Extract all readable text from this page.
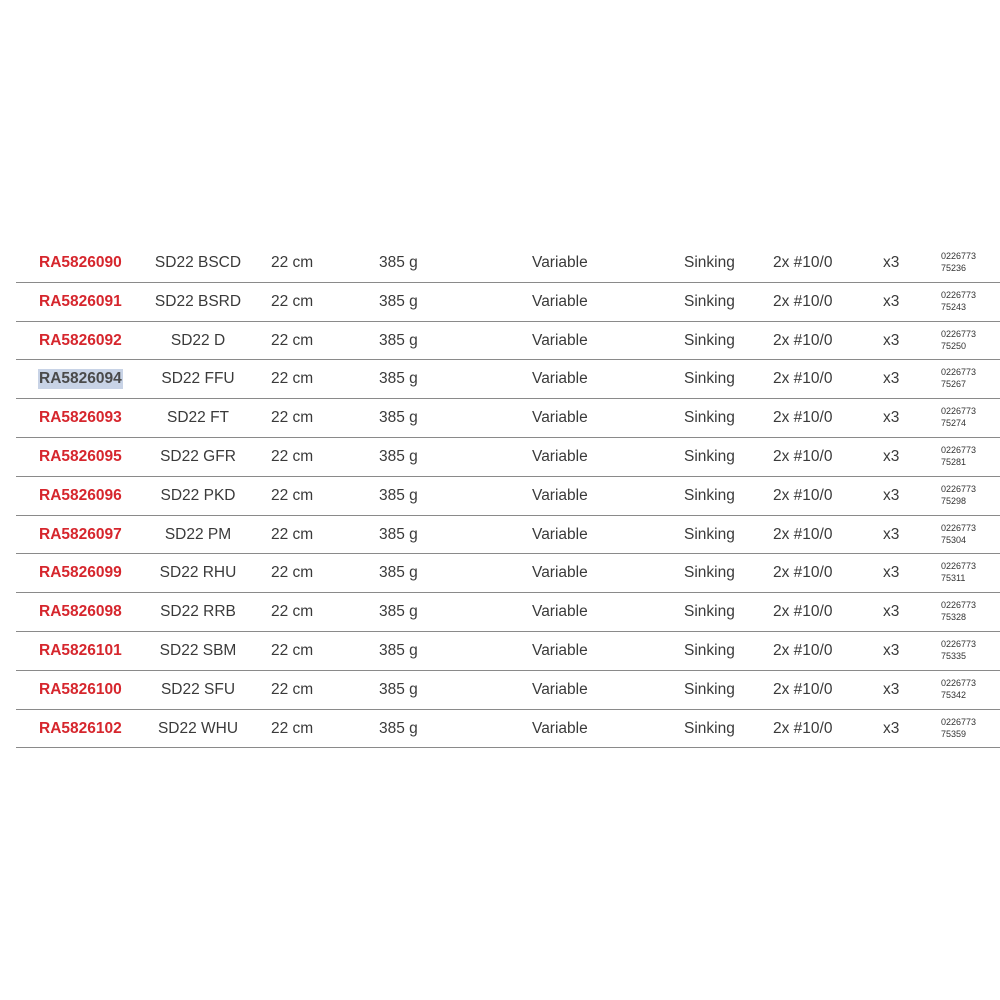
RA5826090 SD22 BSCD 22 cm	385 g	Variable	Sinking 2x #10/0	x3	0226773
75236
RA5826091 SD22 BSRD 22 cm	385 g	Variable	Sinking 2x #10/0	x3	0226773
75243
RA5826092	SD22 D	22 cm	385 g	Variable	Sinking 2x #10/0	x3	0226773
75250
RA5826094	SD22 FFU 22 cm	385 g	Variable	Sinking 2x #10/0	x3	0226773
75267
RA5826093	SD22 FT	22 cm	385 g	Variable	Sinking 2x #10/0	x3	0226773
75274
RA5826095 SD22 GFR 22 cm	385 g	Variable	Sinking 2x #10/0	x3	0226773
75281
RA5826096	SD22 PKD 22 cm	385 g	Variable	Sinking 2x #10/0	x3	0226773
75298
RA5826097	SD22 PM	22 cm	385 g	Variable	Sinking 2x #10/0	x3	0226773
75304
RA5826099 SD22 RHU 22 cm	385 g	Variable	Sinking 2x #10/0	x3	0226773
75311
RA5826098 SD22 RRB 22 cm	385 g	Variable	Sinking 2x #10/0	x3	0226773
75328
RA5826101 SD22 SBM 22 cm	385 g	Variable	Sinking 2x #10/0	x3	0226773
75335
RA5826100	SD22 SFU 22 cm	385 g	Variable	Sinking 2x #10/0	x3	0226773
75342
RA5826102 SD22 WHU 22 cm	385 g	Variable	Sinking 2x #10/0	x3	0226773
75359
